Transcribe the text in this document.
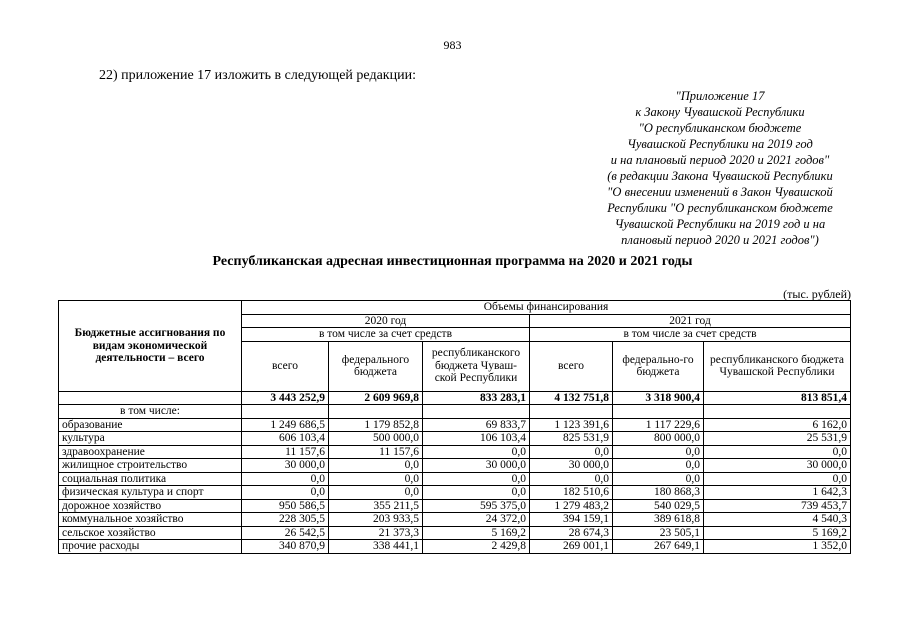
983
22) приложение 17 изложить в следующей редакции:
"Приложение 17
к Закону Чувашской Республики
"О республиканском бюджете
Чувашской Республики на 2019 год
и на плановый период 2020 и 2021 годов"
(в редакции Закона Чувашской Республики
"О внесении изменений в Закон Чувашской
Республики "О республиканском бюджете
Чувашской Республики на 2019 год и на
плановый период 2020 и 2021 годов")
Республиканская адресная инвестиционная программа на 2020 и 2021 годы
(тыс. рублей)
Бюджетные ассигнования по видам экономической деятельности – всего	Объемы финансирования					
	2020 год			2021 год		
	в том числе за счет средств			в том числе за счет средств		
	всего	федерального бюджета	республиканского бюджета Чуваш-ской Республики	всего	федерально-го бюджета	республиканского бюджета Чувашской Республики
	3 443 252,9	2 609 969,8	833 283,1	4 132 751,8	3 318 900,4	813 851,4
в том числе:						
образование	1 249 686,5	1 179 852,8	69 833,7	1 123 391,6	1 117 229,6	6 162,0
культура	606 103,4	500 000,0	106 103,4	825 531,9	800 000,0	25 531,9
здравоохранение	11 157,6	11 157,6	0,0	0,0	0,0	0,0
жилищное строительство	30 000,0	0,0	30 000,0	30 000,0	0,0	30 000,0
социальная политика	0,0	0,0	0,0	0,0	0,0	0,0
физическая культура и спорт	0,0	0,0	0,0	182 510,6	180 868,3	1 642,3
дорожное хозяйство	950 586,5	355 211,5	595 375,0	1 279 483,2	540 029,5	739 453,7
коммунальное хозяйство	228 305,5	203 933,5	24 372,0	394 159,1	389 618,8	4 540,3
сельское хозяйство	26 542,5	21 373,3	5 169,2	28 674,3	23 505,1	5 169,2
прочие расходы	340 870,9	338 441,1	2 429,8	269 001,1	267 649,1	1 352,0
